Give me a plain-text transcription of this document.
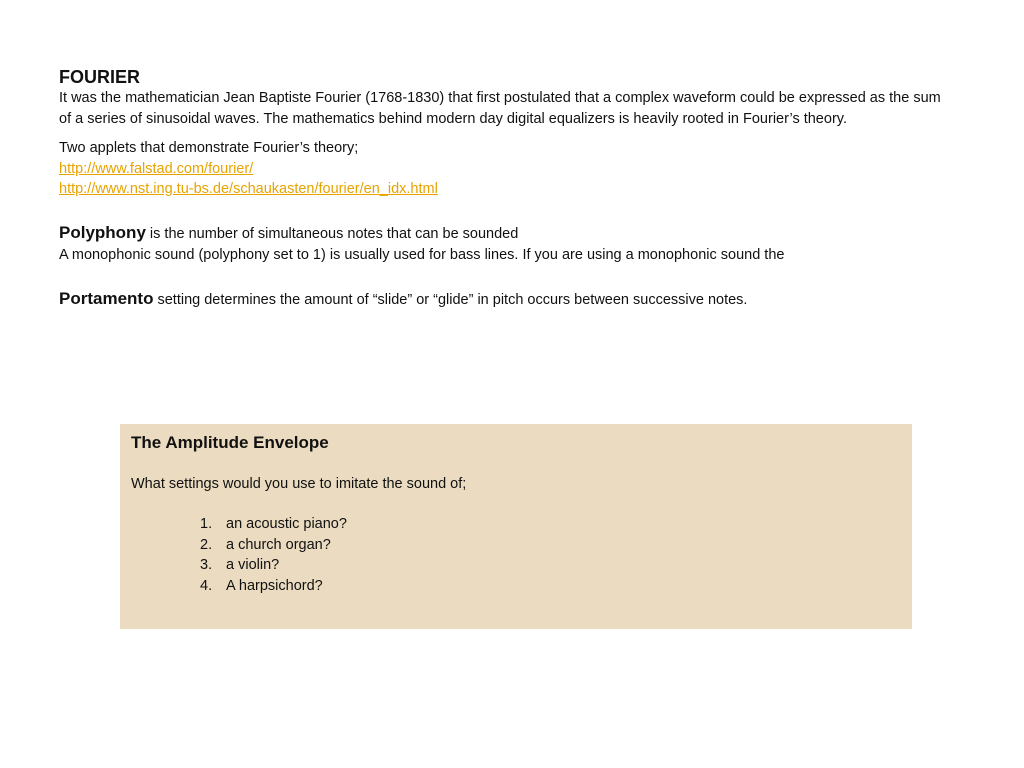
FOURIER

It was the mathematician Jean Baptiste Fourier (1768-1830) that first postulated that a complex waveform could be expressed as the sum of a series of sinusoidal waves. The mathematics behind modern day digital equalizers is heavily rooted in Fourier’s theory.

Two applets that demonstrate Fourier’s theory;

http://www.falstad.com/fourier/
http://www.nst.ing.tu-bs.de/schaukasten/fourier/en_idx.html
Polyphony is the number of simultaneous notes that can be sounded
A monophonic sound (polyphony set to 1) is usually used for bass lines. If you are using a monophonic sound the
Portamento setting determines the amount of “slide” or “glide” in pitch occurs between successive notes.

The Amplitude Envelope

What settings would you use to imitate the sound of;

1. an acoustic piano?
2. a church organ?
3. a violin?
4. A harpsichord?
